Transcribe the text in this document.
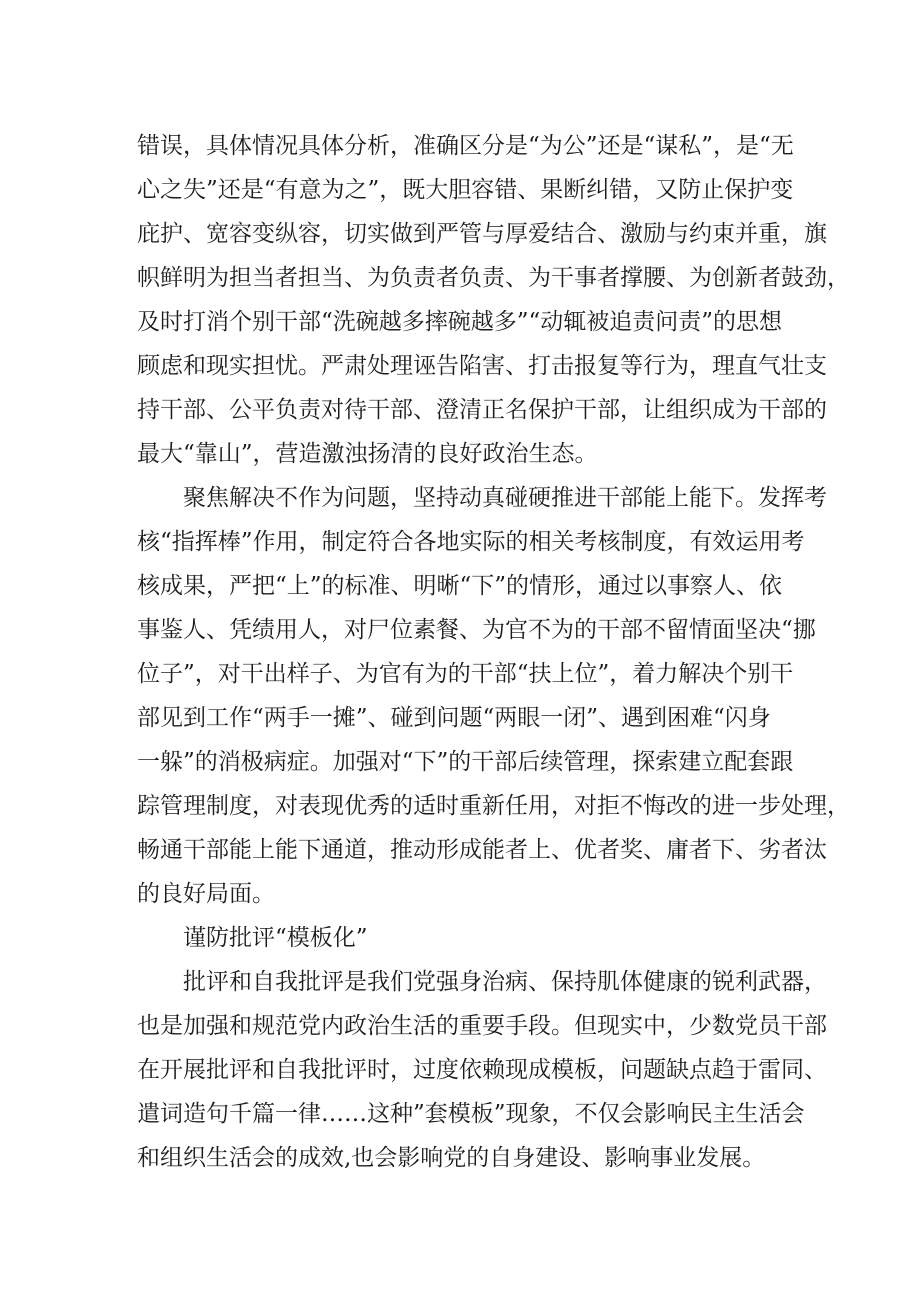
错误，具体情况具体分析，准确区分是“为公”还是“谋私”，是“无
心之失”还是“有意为之”，既大胆容错、果断纠错，又防止保护变
庇护、宽容变纵容，切实做到严管与厚爱结合、激励与约束并重，旗
帜鲜明为担当者担当、为负责者负责、为干事者撑腰、为创新者鼓劲，
及时打消个别干部“洗碗越多摔碗越多”“动辄被追责问责”的思想
顾虑和现实担忧。严肃处理诬告陷害、打击报复等行为，理直气壮支
持干部、公平负责对待干部、澄清正名保护干部，让组织成为干部的
最大“靠山”，营造激浊扬清的良好政治生态。
聚焦解决不作为问题，坚持动真碰硬推进干部能上能下。发挥考
核“指挥棒”作用，制定符合各地实际的相关考核制度，有效运用考
核成果，严把“上”的标准、明晰“下”的情形，通过以事察人、依
事鉴人、凭绩用人，对尸位素餐、为官不为的干部不留情面坚决“挪
位子”，对干出样子、为官有为的干部“扶上位”，着力解决个别干
部见到工作“两手一摊”、碰到问题“两眼一闭”、遇到困难“闪身
一躲”的消极病症。加强对“下”的干部后续管理，探索建立配套跟
踪管理制度，对表现优秀的适时重新任用，对拒不悔改的进一步处理，
畅通干部能上能下通道，推动形成能者上、优者奖、庸者下、劣者汰
的良好局面。
谨防批评“模板化”
批评和自我批评是我们党强身治病、保持肌体健康的锐利武器，
也是加强和规范党内政治生活的重要手段。但现实中，少数党员干部
在开展批评和自我批评时，过度依赖现成模板，问题缺点趋于雷同、
遣词造句千篇一律……这种”套模板”现象，不仅会影响民主生活会
和组织生活会的成效,也会影响党的自身建设、影响事业发展。
